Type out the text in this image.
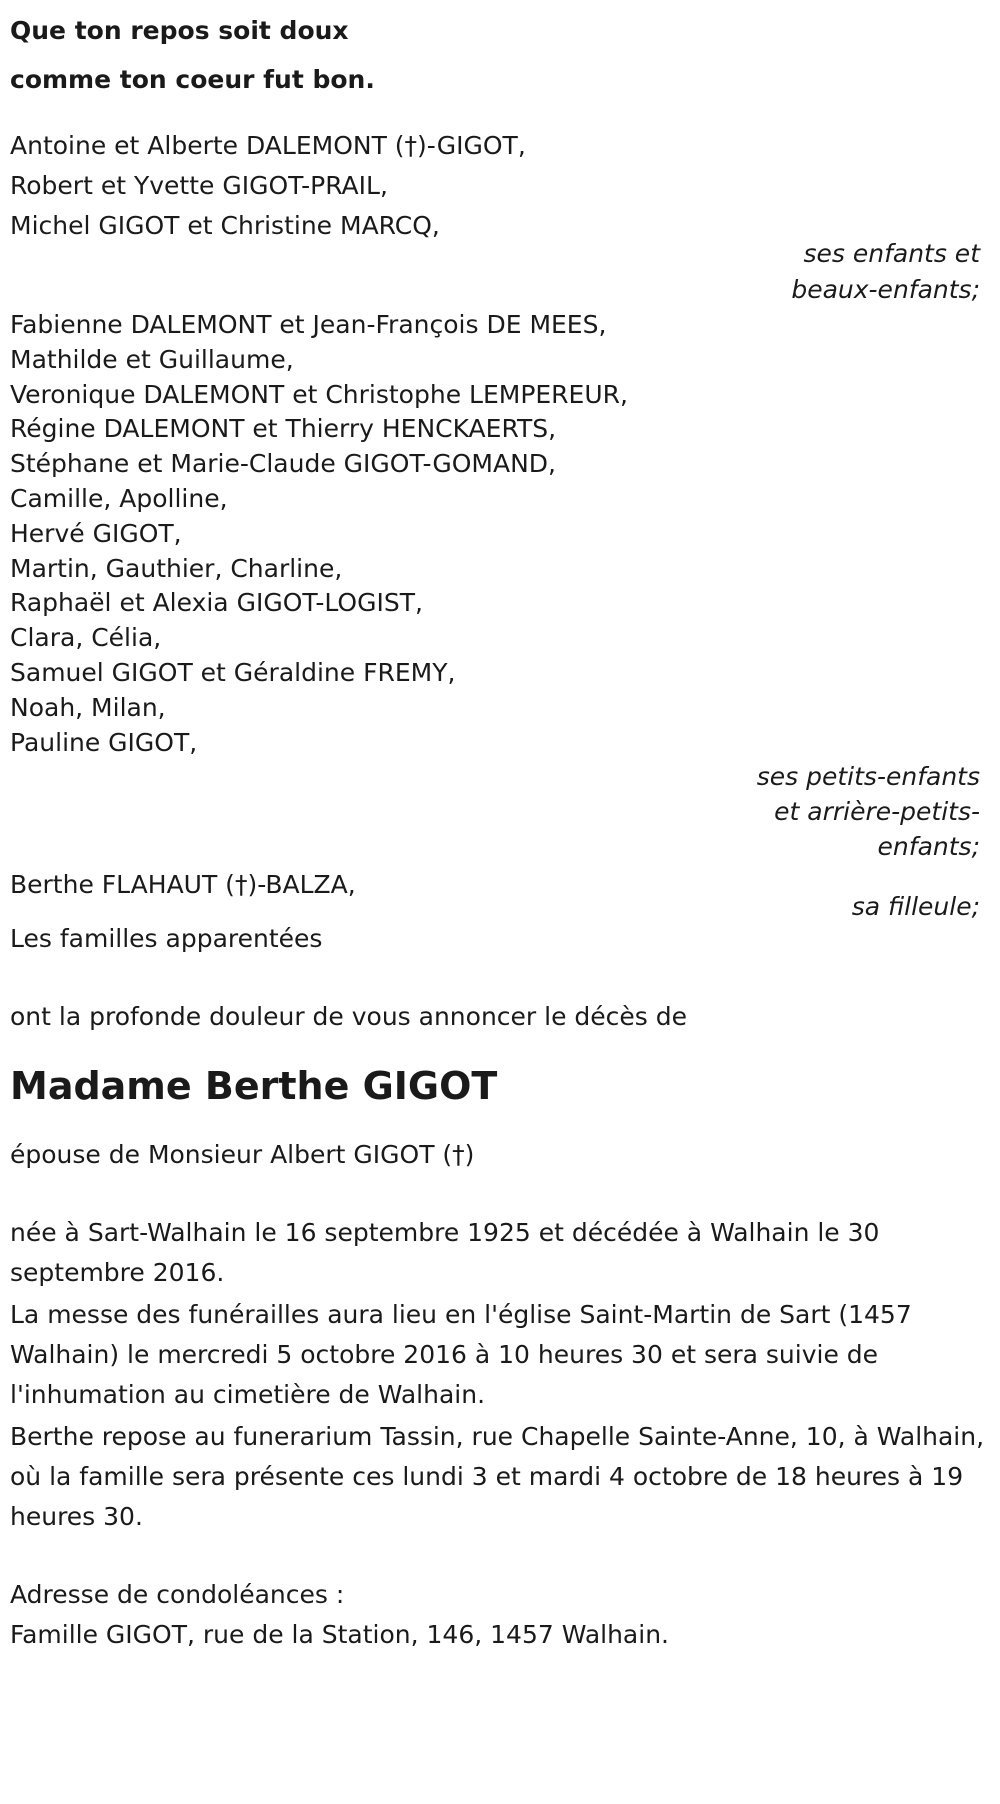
Que ton repos soit doux
comme ton coeur fut bon.
Antoine et Alberte DALEMONT (†)-GIGOT,
Robert et Yvette GIGOT-PRAIL,
Michel GIGOT et Christine MARCQ,
ses enfants et
beaux-enfants;
Fabienne DALEMONT et Jean-François DE MEES,
Mathilde et Guillaume,
Veronique DALEMONT et Christophe LEMPEREUR,
Régine DALEMONT et Thierry HENCKAERTS,
Stéphane et Marie-Claude GIGOT-GOMAND,
Camille, Apolline,
Hervé GIGOT,
Martin, Gauthier, Charline,
Raphaël et Alexia GIGOT-LOGIST,
Clara, Célia,
Samuel GIGOT et Géraldine FREMY,
Noah, Milan,
Pauline GIGOT,
ses petits-enfants
et arrière-petits-
enfants;
Berthe FLAHAUT (†)-BALZA,
sa filleule;
Les familles apparentées
ont la profonde douleur de vous annoncer le décès de
Madame Berthe GIGOT
épouse de Monsieur Albert GIGOT (†)

née à Sart-Walhain le 16 septembre 1925 et décédée à Walhain le 30 septembre 2016.

La messe des funérailles aura lieu en l'église Saint-Martin de Sart (1457 Walhain) le mercredi 5 octobre 2016 à 10 heures 30 et sera suivie de l'inhumation au cimetière de Walhain.

Berthe repose au funerarium Tassin, rue Chapelle Sainte-Anne, 10, à Walhain, où la famille sera présente ces lundi 3 et mardi 4 octobre de 18 heures à 19 heures 30.

Adresse de condoléances :
Famille GIGOT, rue de la Station, 146, 1457 Walhain.
